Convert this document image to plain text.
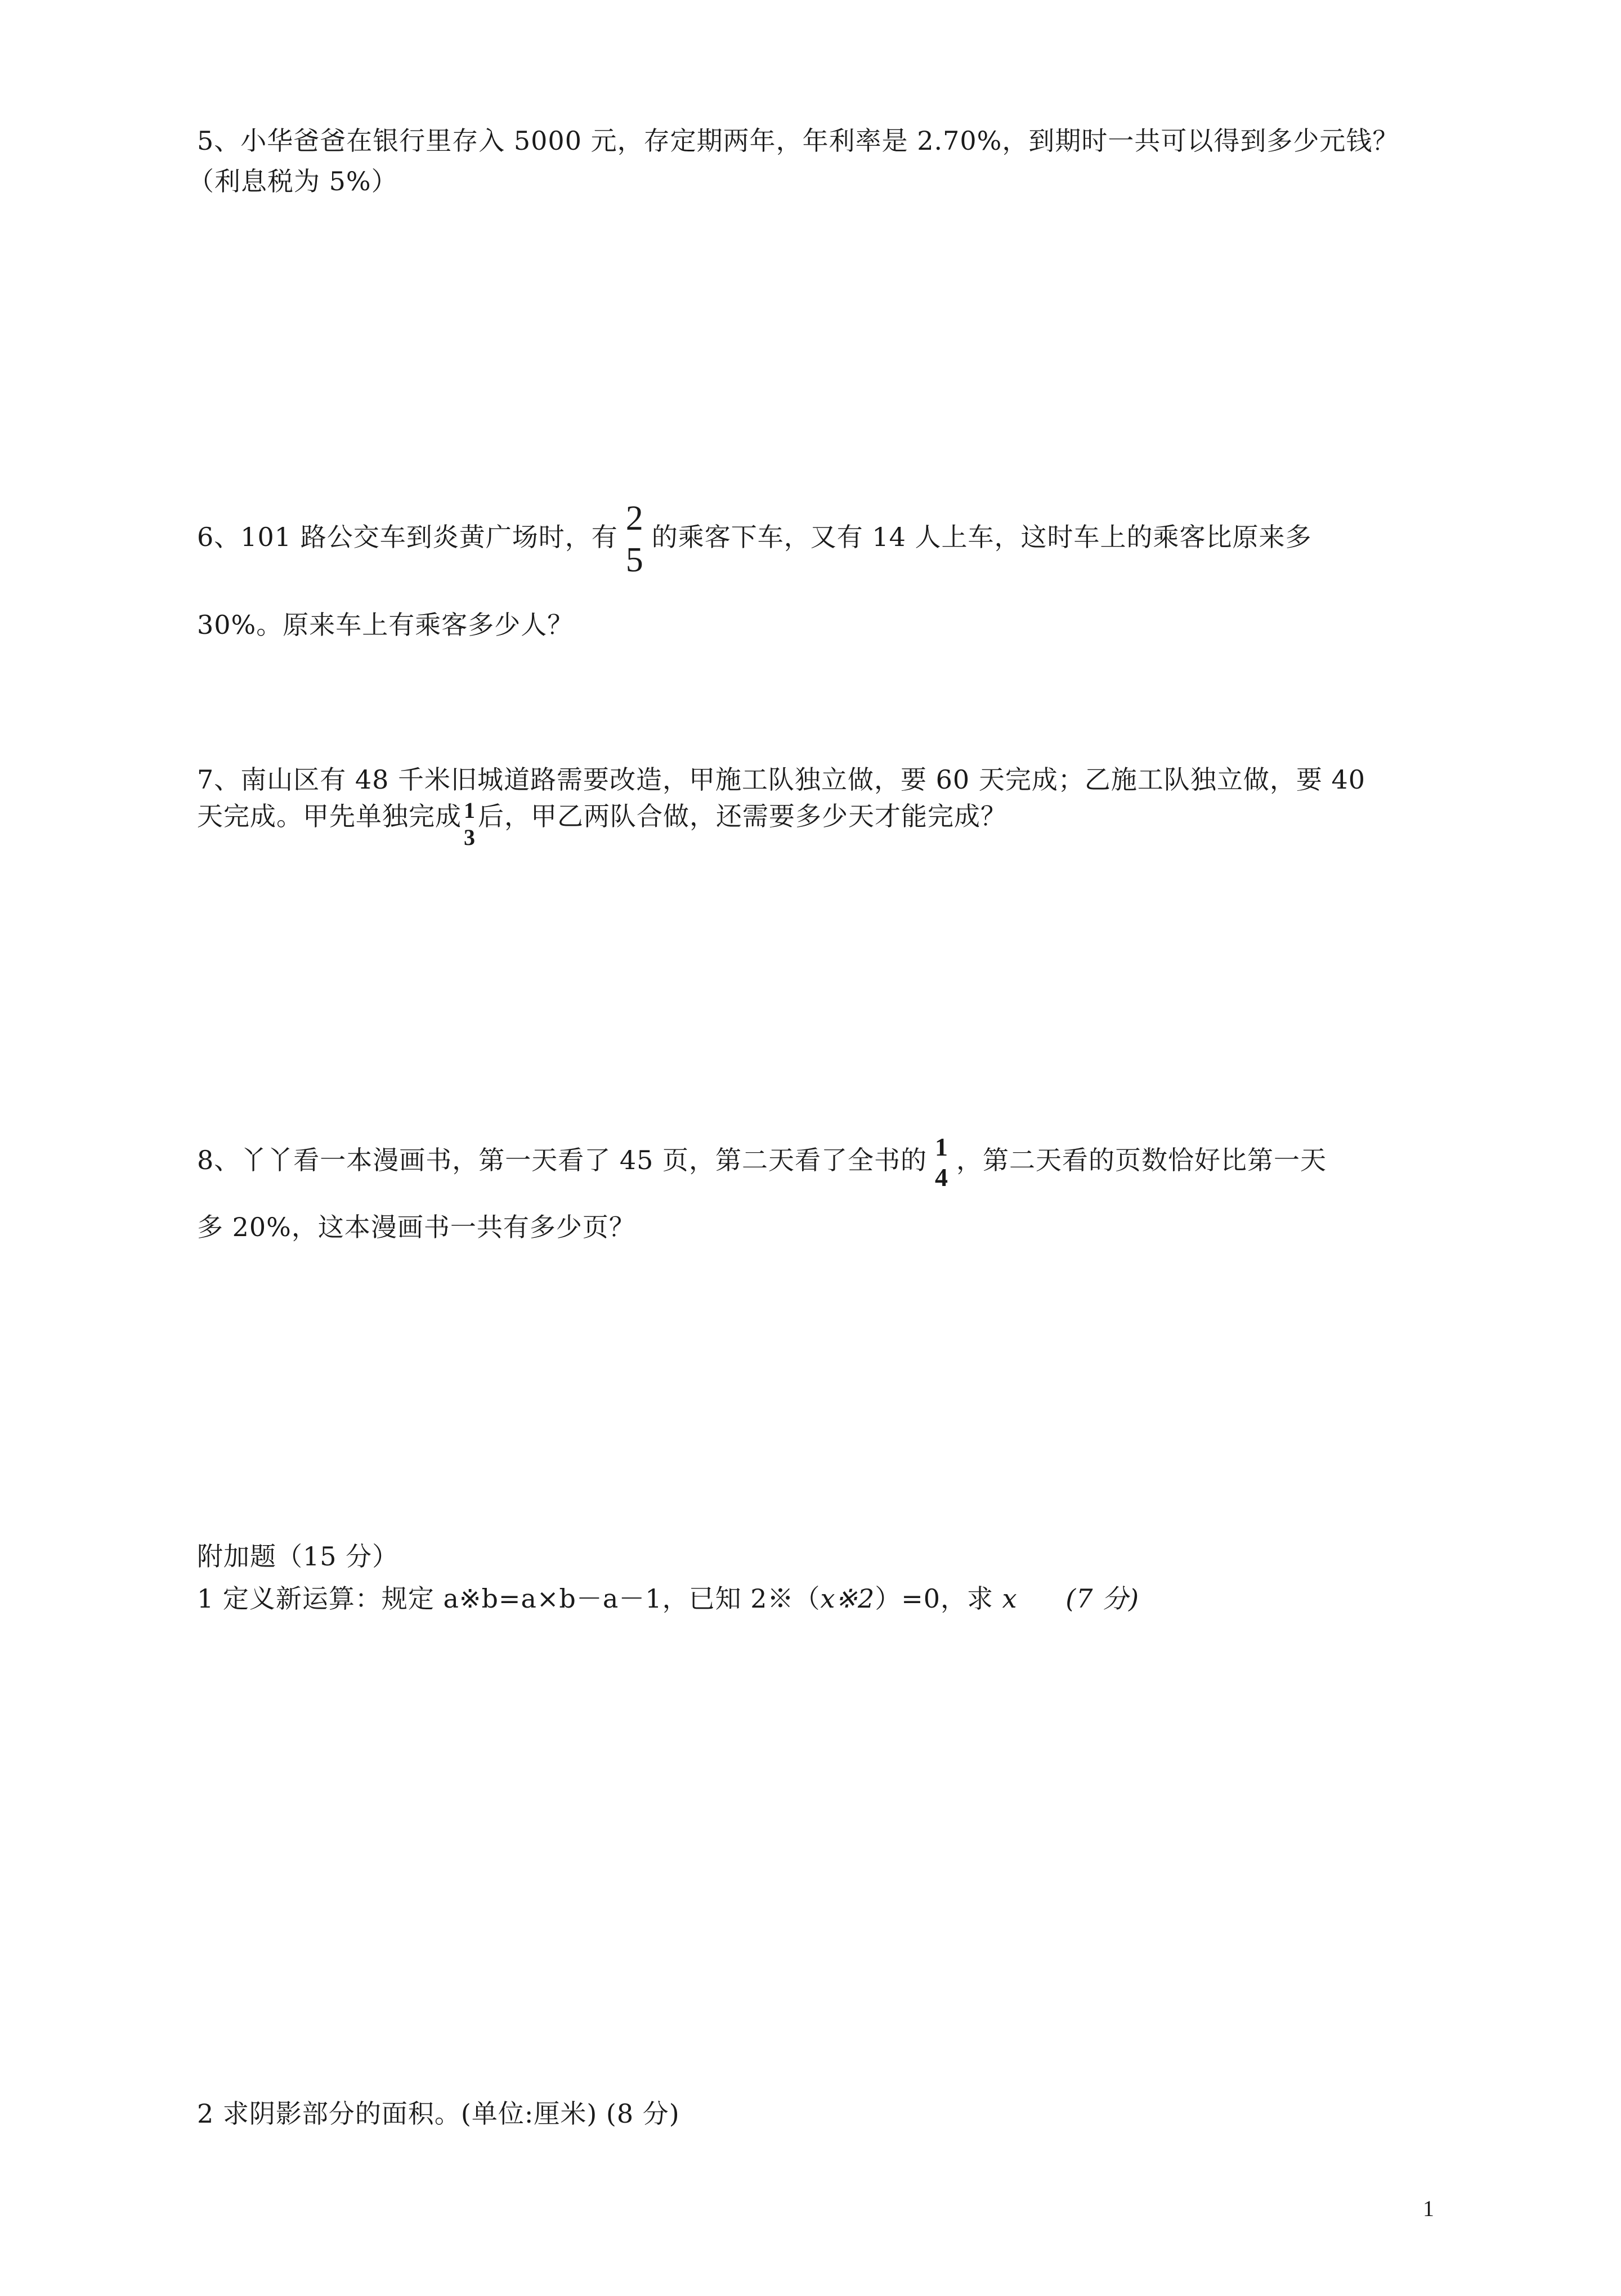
5、小华爸爸在银行里存入 5000 元，存定期两年，年利率是 2.70%，到期时一共可以得到多少元钱？
（利息税为 5%）
6、101 路公交车到炎黄广场时，有 2
5
的乘客下车，又有 14 人上车，这时车上的乘客比原来多
30%。原来车上有乘客多少人？
7、南山区有 48 千米旧城道路需要改造，甲施工队独立做，要 60 天完成；乙施工队独立做，要 40
天完成。甲先单独完成 1
3
后，甲乙两队合做，还需要多少天才能完成？
8、丫丫看一本漫画书，第一天看了 45 页，第二天看了全书的 1
4
，第二天看的页数恰好比第一天
多 20%，这本漫画书一共有多少页？
附加题（15 分）
1 定义新运算：规定 a※b=a×b－a－1，已知 2※（x※2）=0，求 x (7 分)
2 求阴影部分的面积。(单位:厘米) (8 分)
1
